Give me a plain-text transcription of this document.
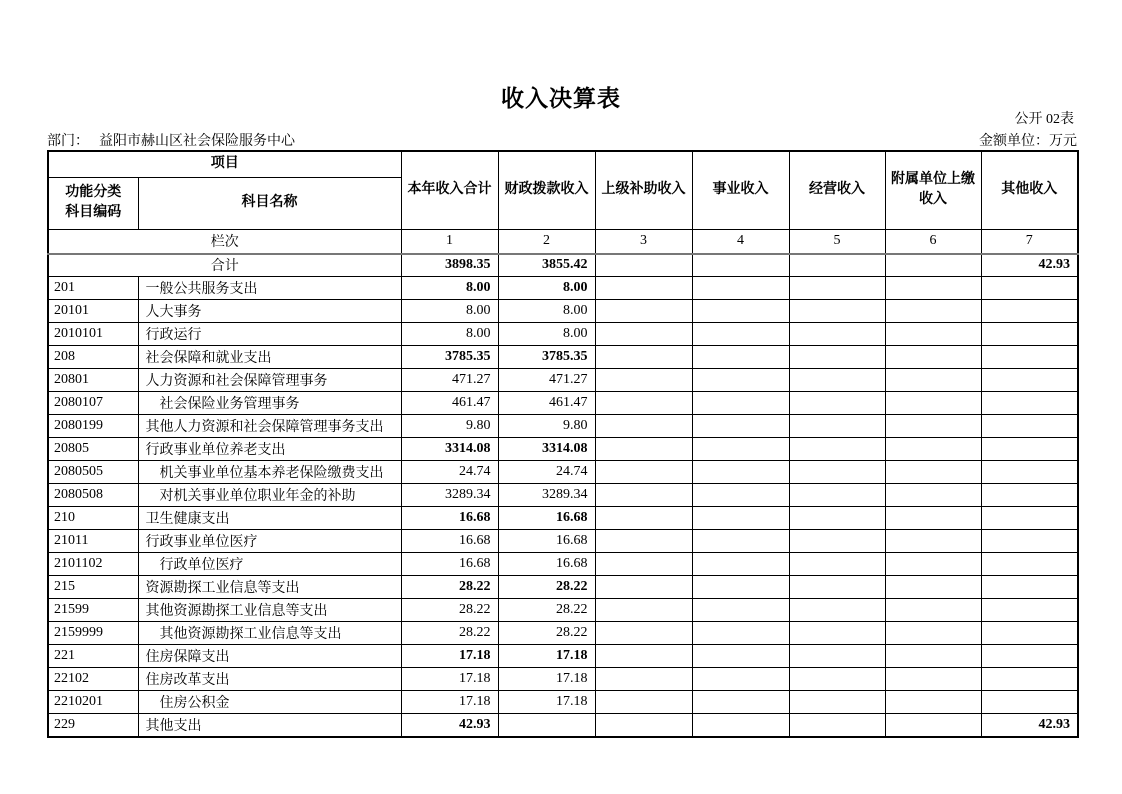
收入决算表
公开 02表
部门： 益阳市赫山区社会保险服务中心	金额单位：万元
项目		本年收入合计	财政拨款收入	上级补助收入	事业收入	经营收入	附属单位上缴收入	其他收入

功能分类
科目编码	科目名称							
栏次		1	2	3	4	5	6	7
合计		3898.35	3855.42					42.93
201	一般公共服务支出	8.00	8.00					
20101	人大事务	8.00	8.00					
2010101	行政运行	8.00	8.00					
208	社会保障和就业支出	3785.35	3785.35					
20801	人力资源和社会保障管理事务	471.27	471.27					
2080107	社会保险业务管理事务	461.47	461.47					
2080199	其他人力资源和社会保障管理事务支出	9.80	9.80					
20805	行政事业单位养老支出	3314.08	3314.08					
2080505	机关事业单位基本养老保险缴费支出	24.74	24.74					
2080508	对机关事业单位职业年金的补助	3289.34	3289.34					
210	卫生健康支出	16.68	16.68					
21011	行政事业单位医疗	16.68	16.68					
2101102	行政单位医疗	16.68	16.68					
215	资源勘探工业信息等支出	28.22	28.22					
21599	其他资源勘探工业信息等支出	28.22	28.22					
2159999	其他资源勘探工业信息等支出	28.22	28.22					
221	住房保障支出	17.18	17.18					
22102	住房改革支出	17.18	17.18					
2210201	住房公积金	17.18	17.18					
229	其他支出	42.93						42.93
